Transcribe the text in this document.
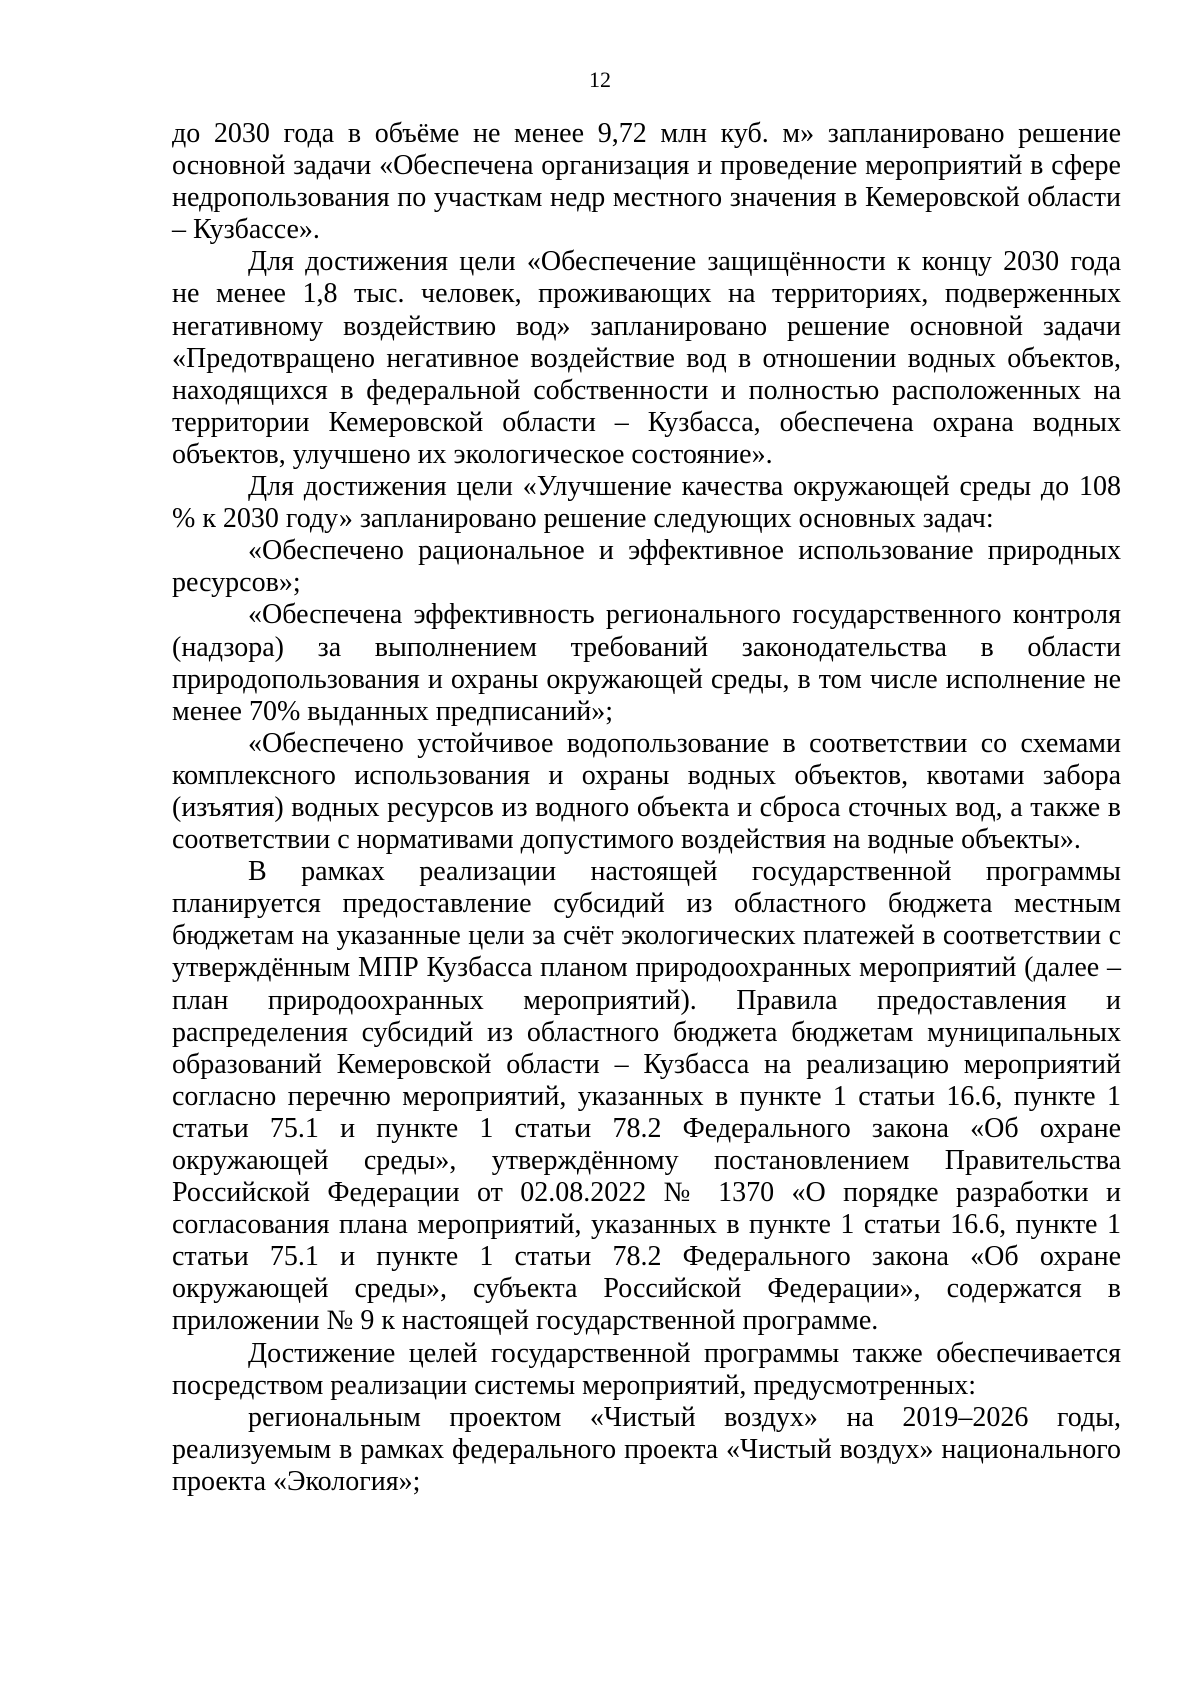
12

до 2030 года в объёме не менее 9,72 млн куб. м» запланировано решение основной задачи «Обеспечена организация и проведение мероприятий в сфере недропользования по участкам недр местного значения в Кемеровской области – Кузбассе».

Для достижения цели «Обеспечение защищённости к концу 2030 года не менее 1,8 тыс. человек, проживающих на территориях, подверженных негативному воздействию вод» запланировано решение основной задачи «Предотвращено негативное воздействие вод в отношении водных объектов, находящихся в федеральной собственности и полностью расположенных на территории Кемеровской области – Кузбасса, обеспечена охрана водных объектов, улучшено их экологическое состояние».

Для достижения цели «Улучшение качества окружающей среды до 108 % к 2030 году» запланировано решение следующих основных задач:

«Обеспечено рациональное и эффективное использование природных ресурсов»;

«Обеспечена эффективность регионального государственного контроля (надзора) за выполнением требований законодательства в области природопользования и охраны окружающей среды, в том числе исполнение не менее 70% выданных предписаний»;

«Обеспечено устойчивое водопользование в соответствии со схемами комплексного использования и охраны водных объектов, квотами забора (изъятия) водных ресурсов из водного объекта и сброса сточных вод, а также в соответствии с нормативами допустимого воздействия на водные объекты».

В рамках реализации настоящей государственной программы планируется предоставление субсидий из областного бюджета местным бюджетам на указанные цели за счёт экологических платежей в соответствии с утверждённым МПР Кузбасса планом природоохранных мероприятий (далее – план природоохранных мероприятий). Правила предоставления и распределения субсидий из областного бюджета бюджетам муниципальных образований Кемеровской области – Кузбасса на реализацию мероприятий согласно перечню мероприятий, указанных в пункте 1 статьи 16.6, пункте 1 статьи 75.1 и пункте 1 статьи 78.2 Федерального закона «Об охране окружающей среды», утверждённому постановлением Правительства Российской Федерации от 02.08.2022 № 1370 «О порядке разработки и согласования плана мероприятий, указанных в пункте 1 статьи 16.6, пункте 1 статьи 75.1 и пункте 1 статьи 78.2 Федерального закона «Об охране окружающей среды», субъекта Российской Федерации», содержатся в приложении № 9 к настоящей государственной программе.

Достижение целей государственной программы также обеспечивается посредством реализации системы мероприятий, предусмотренных:

региональным проектом «Чистый воздух» на 2019–2026 годы, реализуемым в рамках федерального проекта «Чистый воздух» национального проекта «Экология»;
